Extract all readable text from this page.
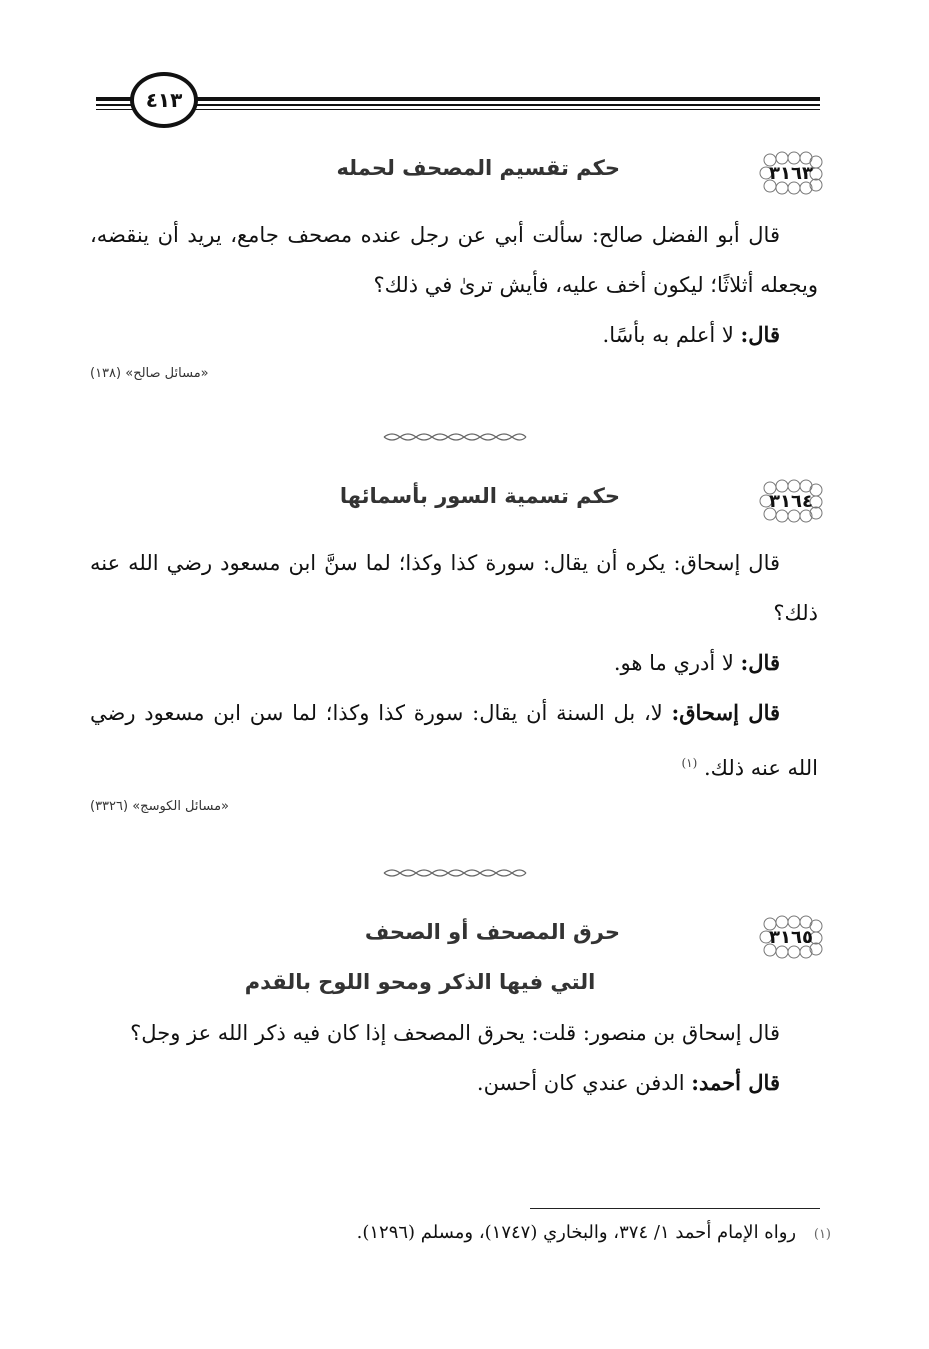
٤١٣
٣١٦٣
حكم تقسيم المصحف لحمله

قال أبو الفضل صالح: سألت أبي عن رجل عنده مصحف جامع، يريد أن ينقضه، ويجعله أثلاثًا؛ ليكون أخف عليه، فأيش ترىٰ في ذلك؟

قال: لا أعلم به بأسًا.

«مسائل صالح» (١٣٨)
٣١٦٤
حكم تسمية السور بأسمائها

قال إسحاق: يكره أن يقال: سورة كذا وكذا؛ لما سنَّ ابن مسعود رضي الله عنه ذلك؟

قال: لا أدري ما هو.

قال إسحاق: لا، بل السنة أن يقال: سورة كذا وكذا؛ لما سن ابن مسعود رضي الله عنه ذلك. $^{(١)}$

«مسائل الكوسج» (٣٣٢٦)
٣١٦٥
حرق المصحف أو الصحف
التي فيها الذكر ومحو اللوح بالقدم

قال إسحاق بن منصور: قلت: يحرق المصحف إذا كان فيه ذكر الله عز وجل؟

قال أحمد: الدفن عندي كان أحسن.

(١) رواه الإمام أحمد ١/ ٣٧٤، والبخاري (١٧٤٧)، ومسلم (١٢٩٦).
